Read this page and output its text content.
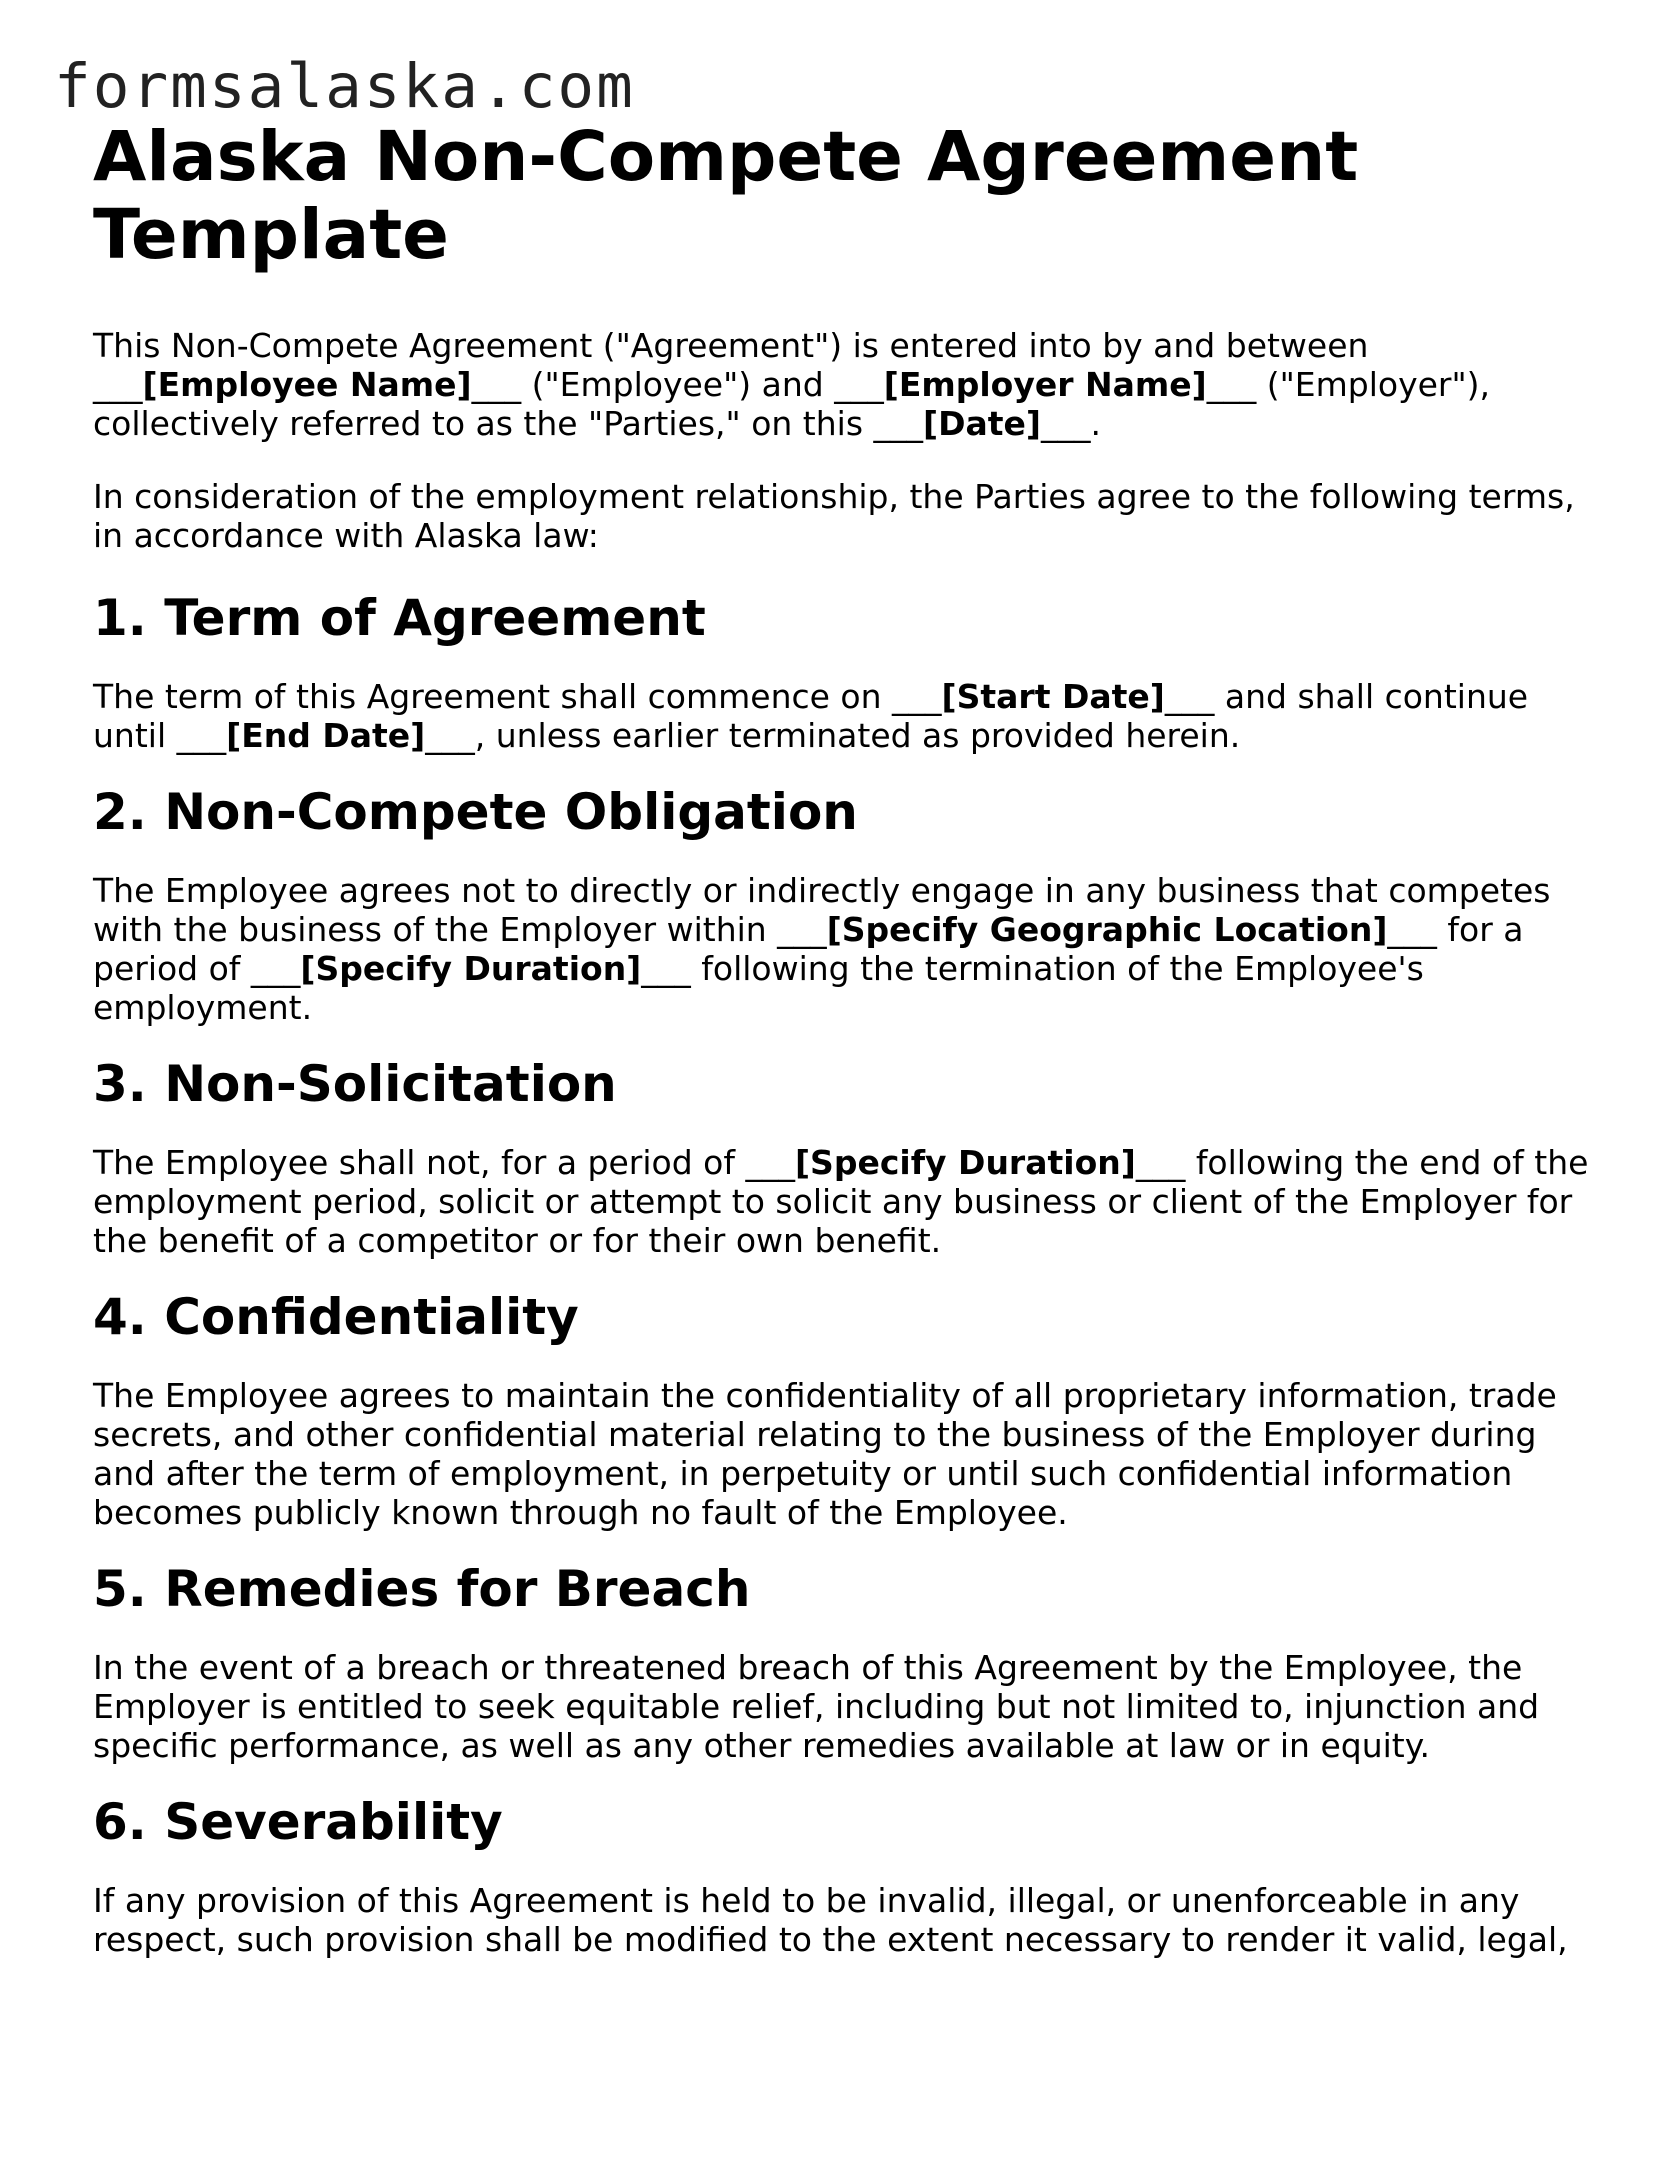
formsalaska.com
Alaska Non-Compete Agreement Template

This Non-Compete Agreement ("Agreement") is entered into by and between ___[Employee Name]___ ("Employee") and ___[Employer Name]___ ("Employer"), collectively referred to as the "Parties," on this ___[Date]___.

In consideration of the employment relationship, the Parties agree to the following terms, in accordance with Alaska law:

1. Term of Agreement

The term of this Agreement shall commence on ___[Start Date]___ and shall continue until ___[End Date]___, unless earlier terminated as provided herein.

2. Non-Compete Obligation

The Employee agrees not to directly or indirectly engage in any business that competes with the business of the Employer within ___[Specify Geographic Location]___ for a period of ___[Specify Duration]___ following the termination of the Employee's employment.

3. Non-Solicitation

The Employee shall not, for a period of ___[Specify Duration]___ following the end of the employment period, solicit or attempt to solicit any business or client of the Employer for the benefit of a competitor or for their own benefit.

4. Confidentiality

The Employee agrees to maintain the confidentiality of all proprietary information, trade secrets, and other confidential material relating to the business of the Employer during and after the term of employment, in perpetuity or until such confidential information becomes publicly known through no fault of the Employee.

5. Remedies for Breach

In the event of a breach or threatened breach of this Agreement by the Employee, the Employer is entitled to seek equitable relief, including but not limited to, injunction and specific performance, as well as any other remedies available at law or in equity.

6. Severability

If any provision of this Agreement is held to be invalid, illegal, or unenforceable in any respect, such provision shall be modified to the extent necessary to render it valid, legal,
